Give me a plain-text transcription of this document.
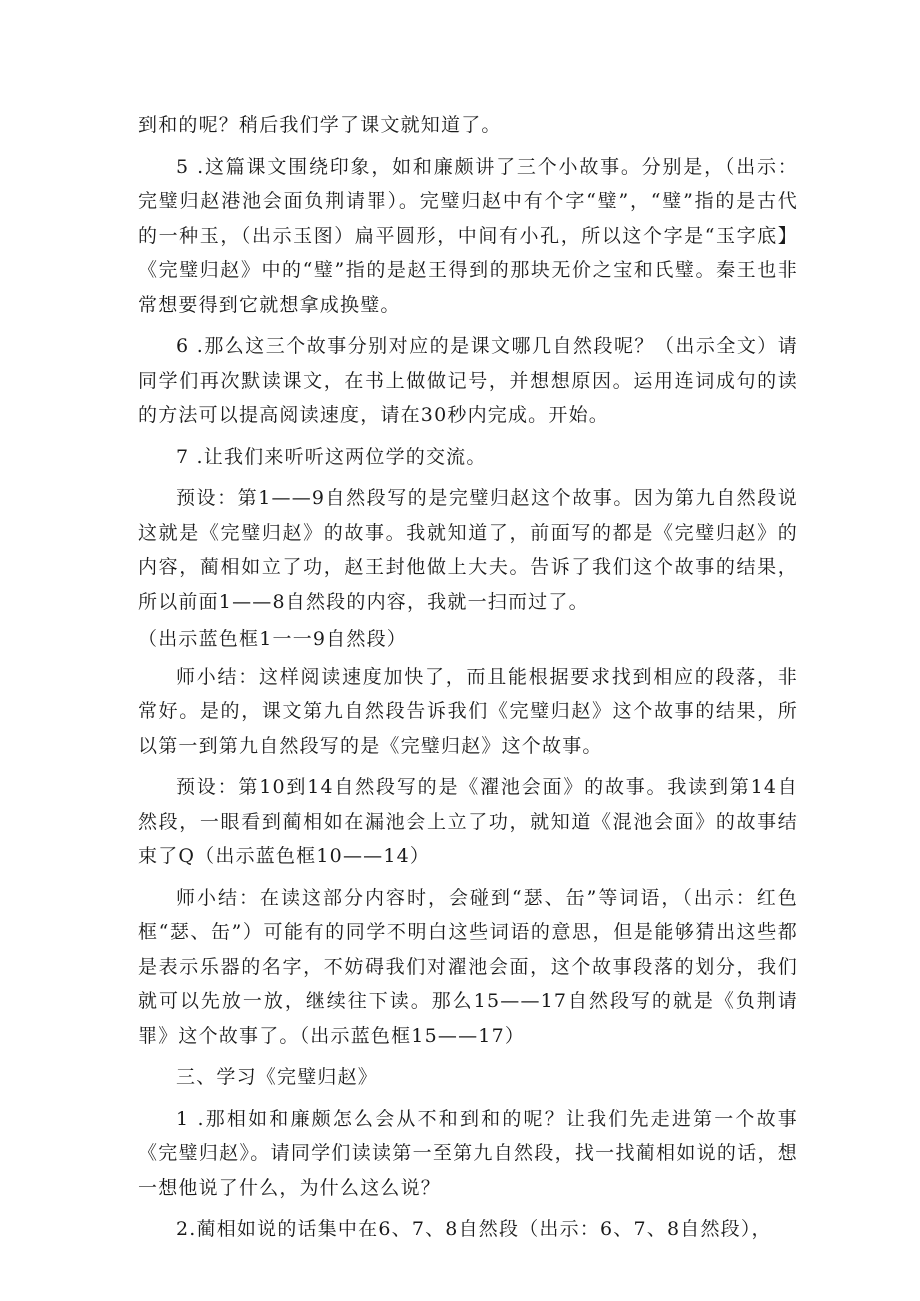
到和的呢？稍后我们学了课文就知道了。

5 .这篇课文围绕印象，如和廉颇讲了三个小故事。分别是，（出示：完璧归赵港池会面负荆请罪）。完璧归赵中有个字“璧”，“璧”指的是古代的一种玉，（出示玉图）扁平圆形，中间有小孔，所以这个字是“玉字底】《完璧归赵》中的“璧”指的是赵王得到的那块无价之宝和氏璧。秦王也非常想要得到它就想拿成换璧。

6 .那么这三个故事分别对应的是课文哪几自然段呢？（出示全文）请同学们再次默读课文，在书上做做记号，并想想原因。运用连词成句的读的方法可以提高阅读速度，请在30秒内完成。开始。

7 .让我们来听听这两位学的交流。

预设：第1——9自然段写的是完璧归赵这个故事。因为第九自然段说这就是《完璧归赵》的故事。我就知道了，前面写的都是《完璧归赵》的内容，蔺相如立了功，赵王封他做上大夫。告诉了我们这个故事的结果，所以前面1——8自然段的内容，我就一扫而过了。

（出示蓝色框1一一9自然段）

师小结：这样阅读速度加快了，而且能根据要求找到相应的段落，非常好。是的，课文第九自然段告诉我们《完璧归赵》这个故事的结果，所以第一到第九自然段写的是《完璧归赵》这个故事。

预设：第10到14自然段写的是《濯池会面》的故事。我读到第14自然段，一眼看到蔺相如在漏池会上立了功，就知道《混池会面》的故事结束了Q（出示蓝色框10——14）

师小结：在读这部分内容时，会碰到“瑟、缶”等词语，（出示：红色框“瑟、缶”）可能有的同学不明白这些词语的意思，但是能够猜出这些都是表示乐器的名字，不妨碍我们对濯池会面，这个故事段落的划分，我们就可以先放一放，继续往下读。那么15——17自然段写的就是《负荆请罪》这个故事了。（出示蓝色框15——17）

三、学习《完璧归赵》

1 .那相如和廉颇怎么会从不和到和的呢？让我们先走进第一个故事《完璧归赵》。请同学们读读第一至第九自然段，找一找蔺相如说的话，想一想他说了什么，为什么这么说？

2.蔺相如说的话集中在6、7、8自然段（出示：6、7、8自然段），
